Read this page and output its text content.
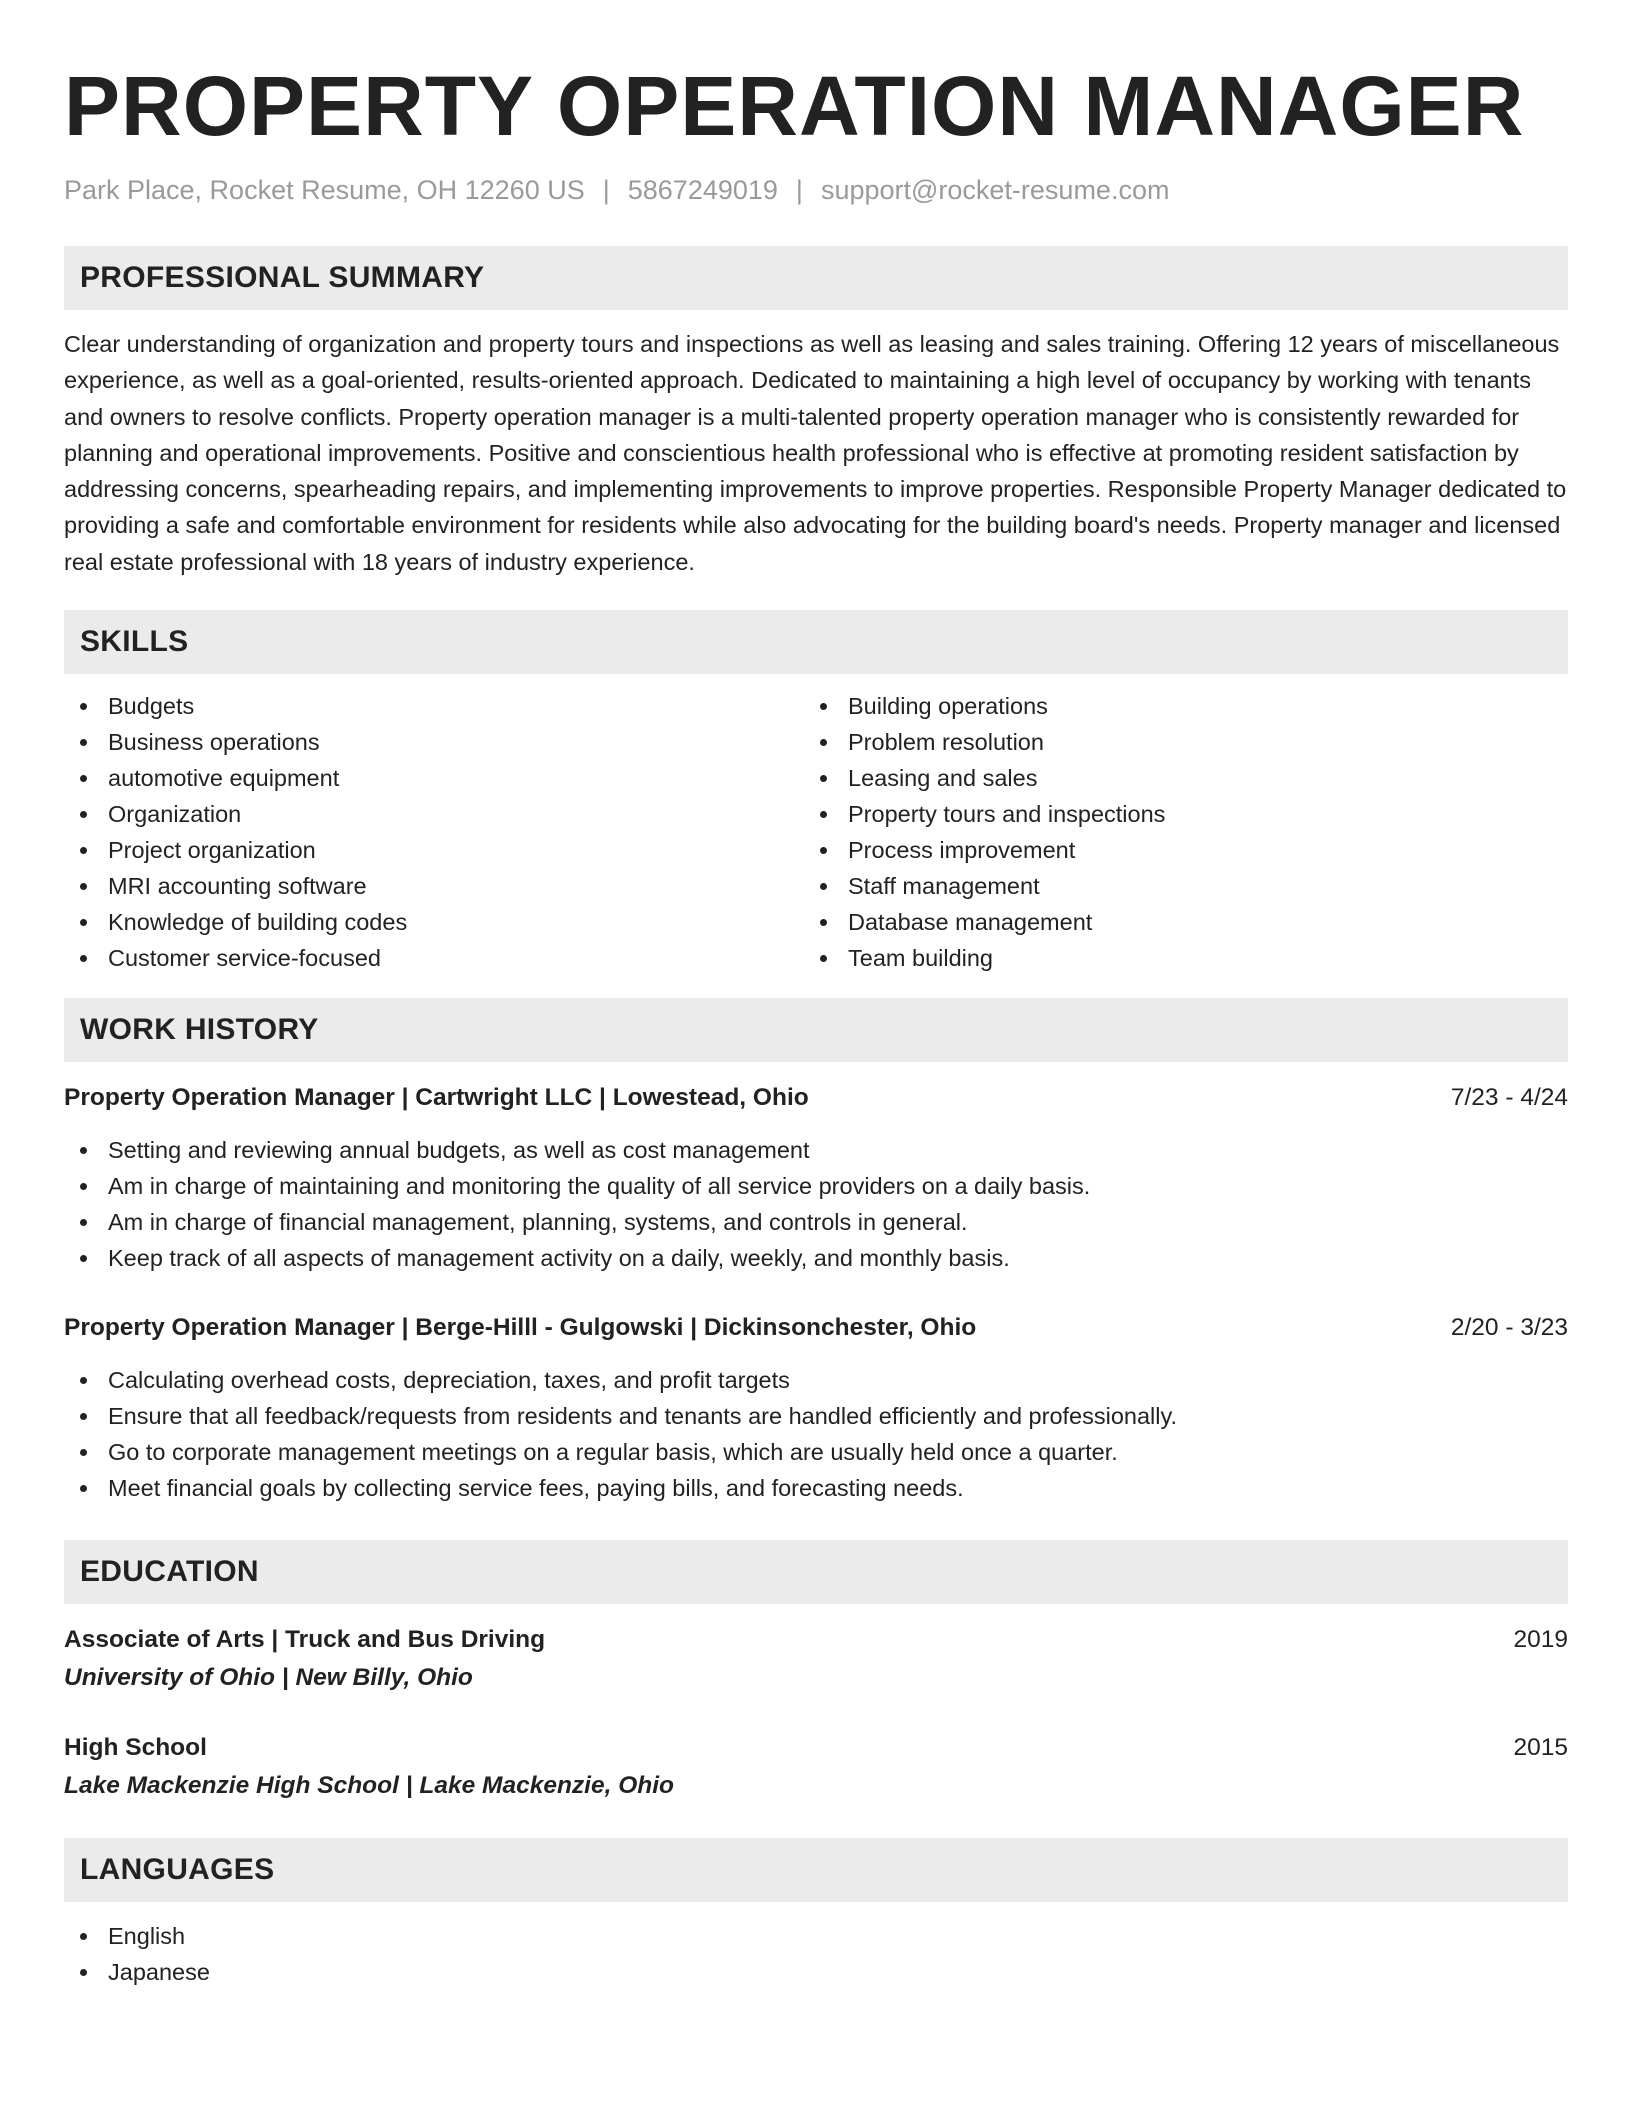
PROPERTY OPERATION MANAGER
Park Place, Rocket Resume, OH 12260 US | 5867249019 | support@rocket-resume.com
PROFESSIONAL SUMMARY

Clear understanding of organization and property tours and inspections as well as leasing and sales training. Offering 12 years of miscellaneous experience, as well as a goal-oriented, results-oriented approach. Dedicated to maintaining a high level of occupancy by working with tenants and owners to resolve conflicts. Property operation manager is a multi-talented property operation manager who is consistently rewarded for planning and operational improvements. Positive and conscientious health professional who is effective at promoting resident satisfaction by addressing concerns, spearheading repairs, and implementing improvements to improve properties. Responsible Property Manager dedicated to providing a safe and comfortable environment for residents while also advocating for the building board's needs. Property manager and licensed real estate professional with 18 years of industry experience.

SKILLS
Budgets
Business operations
automotive equipment
Organization
Project organization
MRI accounting software
Knowledge of building codes
Customer service-focused
Building operations
Problem resolution
Leasing and sales
Property tours and inspections
Process improvement
Staff management
Database management
Team building
WORK HISTORY
Property Operation Manager | Cartwright LLC | Lowestead, Ohio	7/23 - 4/24
Setting and reviewing annual budgets, as well as cost management
Am in charge of maintaining and monitoring the quality of all service providers on a daily basis.
Am in charge of financial management, planning, systems, and controls in general.
Keep track of all aspects of management activity on a daily, weekly, and monthly basis.
Property Operation Manager | Berge-Hilll - Gulgowski | Dickinsonchester, Ohio	2/20 - 3/23
Calculating overhead costs, depreciation, taxes, and profit targets
Ensure that all feedback/requests from residents and tenants are handled efficiently and professionally.
Go to corporate management meetings on a regular basis, which are usually held once a quarter.
Meet financial goals by collecting service fees, paying bills, and forecasting needs.
EDUCATION
Associate of Arts | Truck and Bus Driving	2019
University of Ohio | New Billy, Ohio
High School	2015
Lake Mackenzie High School | Lake Mackenzie, Ohio
LANGUAGES
English
Japanese
